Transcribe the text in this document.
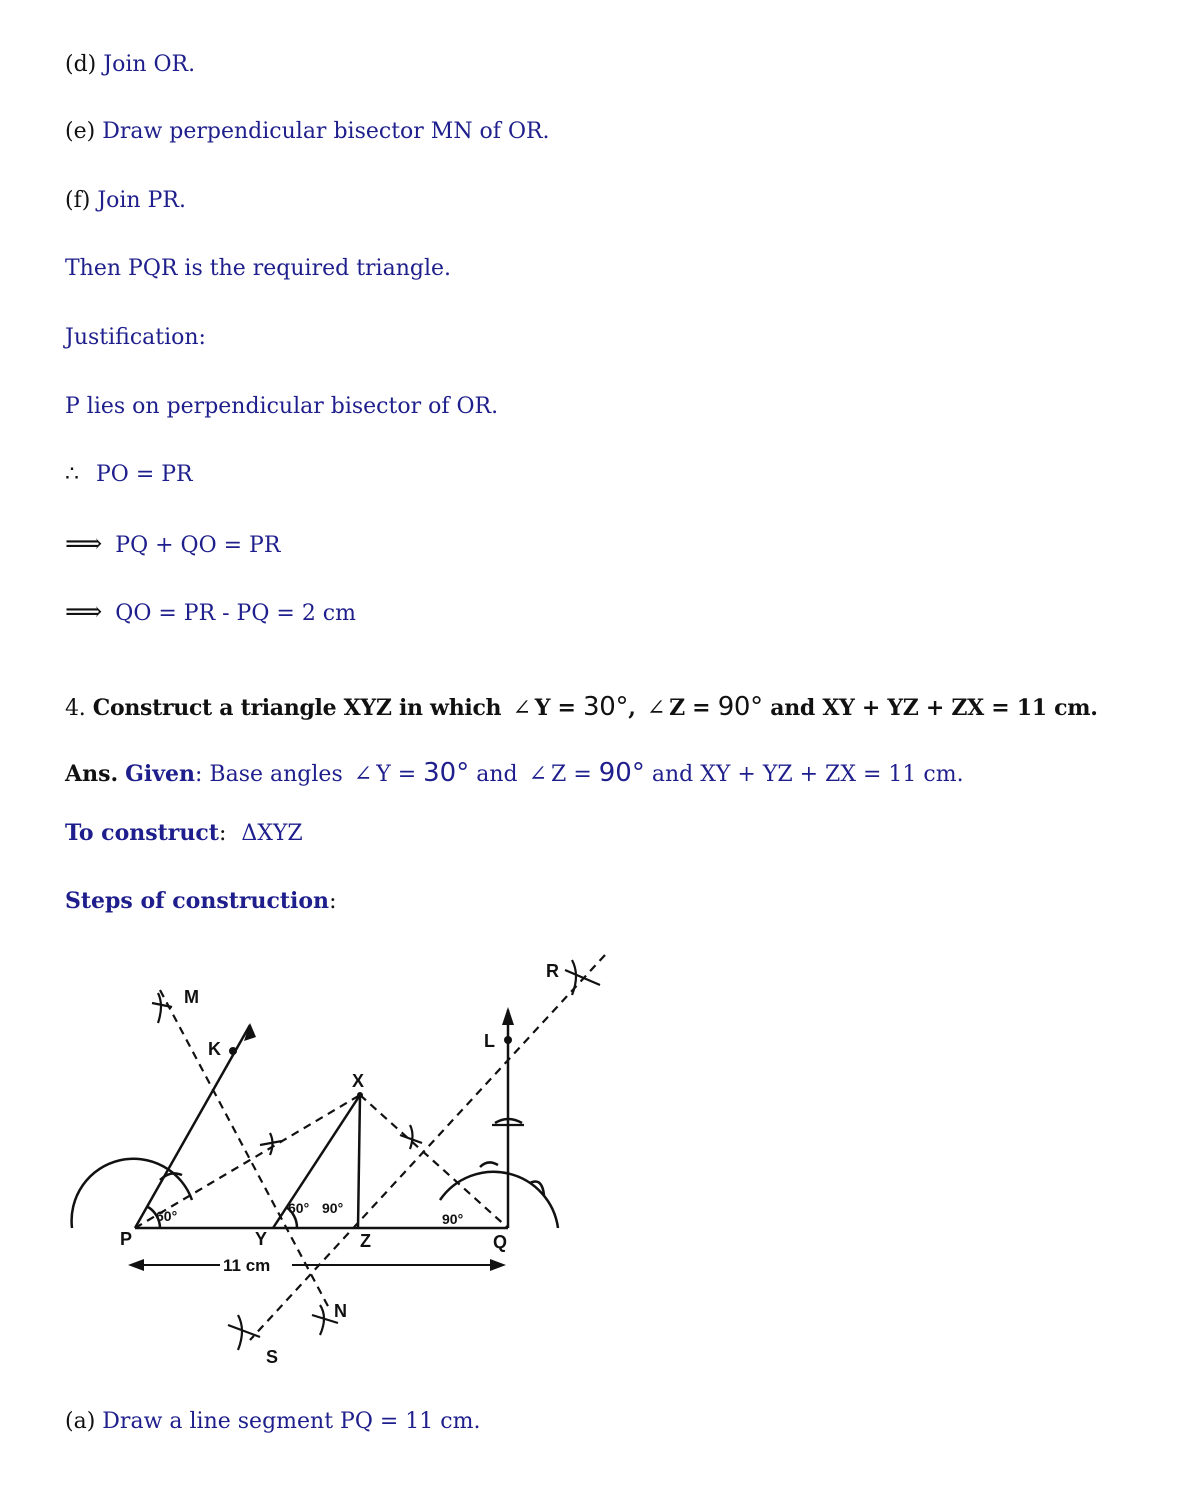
(d) Join OR.
(e) Draw perpendicular bisector MN of OR.
(f) Join PR.
Then PQR is the required triangle.
Justification:
P lies on perpendicular bisector of OR.
∴ PO = PR
⟹ PQ + QO = PR
⟹ QO = PR - PQ = 2 cm
4. Construct a triangle XYZ in which ∠ Y = 30°, ∠ Z = 90° and XY + YZ + ZX = 11 cm.
Ans. Given: Base angles ∠ Y = 30° and ∠ Z = 90° and XY + YZ + ZX = 11 cm.
To construct: ΔXYZ
Steps of construction:
P	Y	Z	Q
X
K
M
L
R
N
S
60°	60° 90°
90°
11 cm
(a) Draw a line segment PQ = 11 cm.
